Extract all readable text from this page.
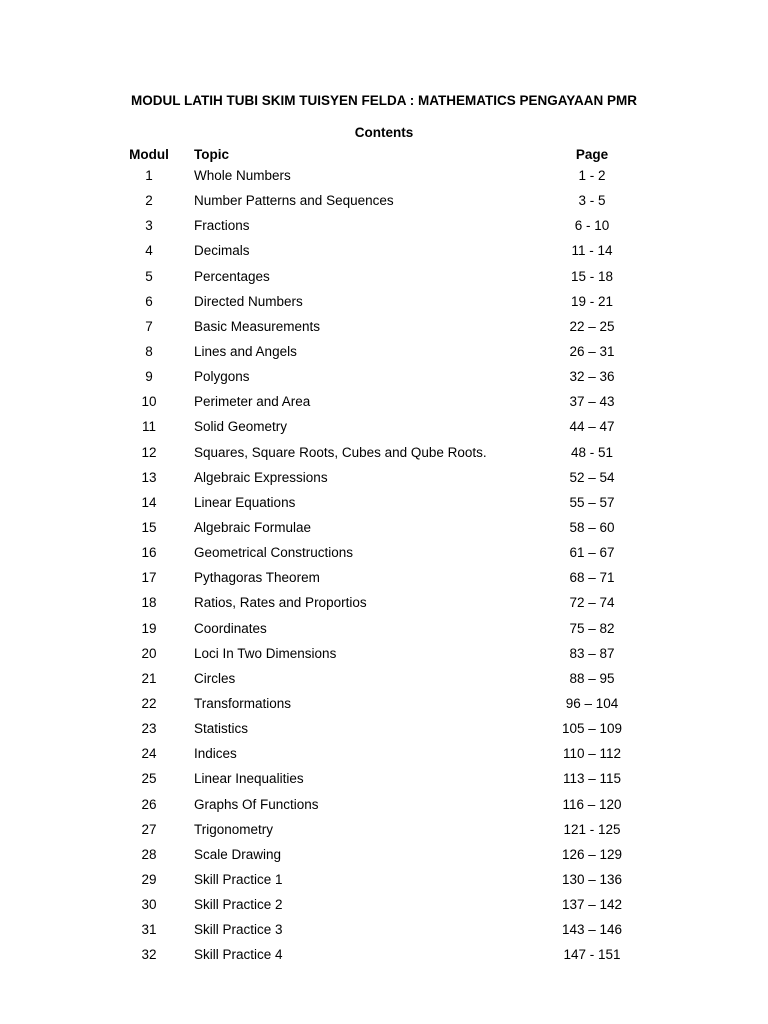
MODUL LATIH TUBI SKIM TUISYEN FELDA : MATHEMATICS PENGAYAAN PMR
Contents
Modul	Topic	Page
1	Whole Numbers	1 - 2
2	Number Patterns and Sequences	3 - 5
3	Fractions	6 - 10
4	Decimals	11 - 14
5	Percentages	15 - 18
6	Directed Numbers	19 - 21
7	Basic Measurements	22 – 25
8	Lines and Angels	26 – 31
9	Polygons	32 – 36
10	Perimeter and Area	37 – 43
11	Solid Geometry	44 – 47
12	Squares, Square Roots, Cubes and Qube Roots.	48 - 51
13	Algebraic Expressions	52 – 54
14	Linear Equations	55 – 57
15	Algebraic Formulae	58 – 60
16	Geometrical Constructions	61 – 67
17	Pythagoras Theorem	68 – 71
18	Ratios, Rates and Proportios	72 – 74
19	Coordinates	75 – 82
20	Loci In Two Dimensions	83 – 87
21	Circles	88 – 95
22	Transformations	96 – 104
23	Statistics	105 – 109
24	Indices	110 – 112
25	Linear Inequalities	113 – 115
26	Graphs Of Functions	116 – 120
27	Trigonometry	121 - 125
28	Scale Drawing	126 – 129
29	Skill Practice 1	130 – 136
30	Skill Practice 2	137 – 142
31	Skill Practice 3	143 – 146
32	Skill Practice 4	147 - 151
